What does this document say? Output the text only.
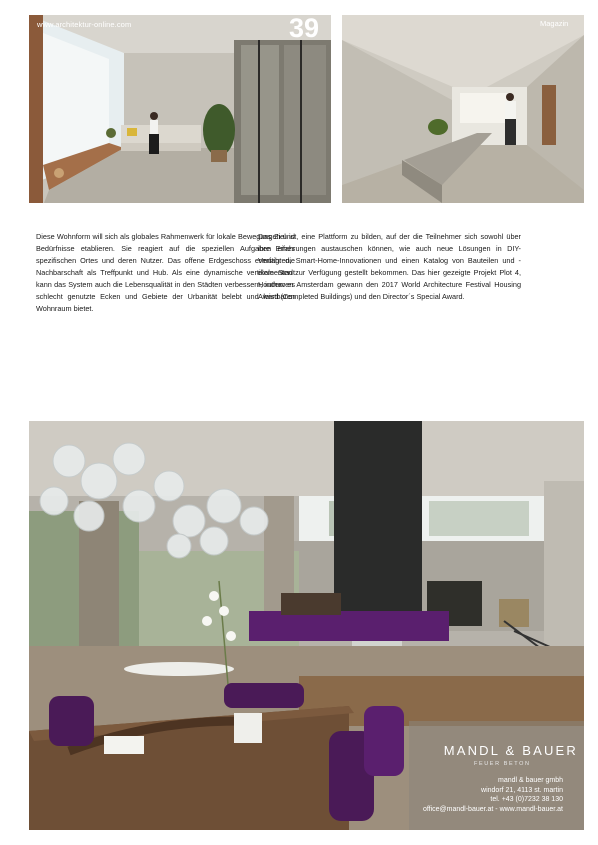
www.architektur-online.com	39	Magazin

Diese Wohnform will sich als globales Rahmenwerk für lokale Bewegungen und Bedürfnisse etablieren. Sie reagiert auf die speziellen Aufgaben eines spezifischen Ortes und deren Nutzer. Das offene Erdgeschoss ermutigt die Nachbarschaft als Treffpunkt und Hub. Als eine dynamische vertikale Stadt kann das System auch die Lebensqualität in den Städten verbessern, indem es schlecht genutzte Ecken und Gebiete der Urbanität belebt und leistbaren Wohnraum bietet.

Das Ziel ist, eine Plattform zu bilden, auf der die Teilnehmer sich sowohl über ihre Erfahrungen austauschen können, wie auch neue Lösungen in DIY-Verfahren, Smart-Home-Innovationen und einen Katalog von Bauteilen und -elementen zur Verfügung gestellt bekommen. Das hier gezeigte Projekt Plot 4, Houthaven Amsterdam gewann den 2017 World Architecture Festival Housing Award (Completed Buildings) und den Director´s Special Award.

MANDL & BAUER
FEUER BETON
mandl & bauer gmbh
windorf 21, 4113 st. martin
tel. +43 (0)7232 38 130
office@mandl-bauer.at - www.mandl-bauer.at
